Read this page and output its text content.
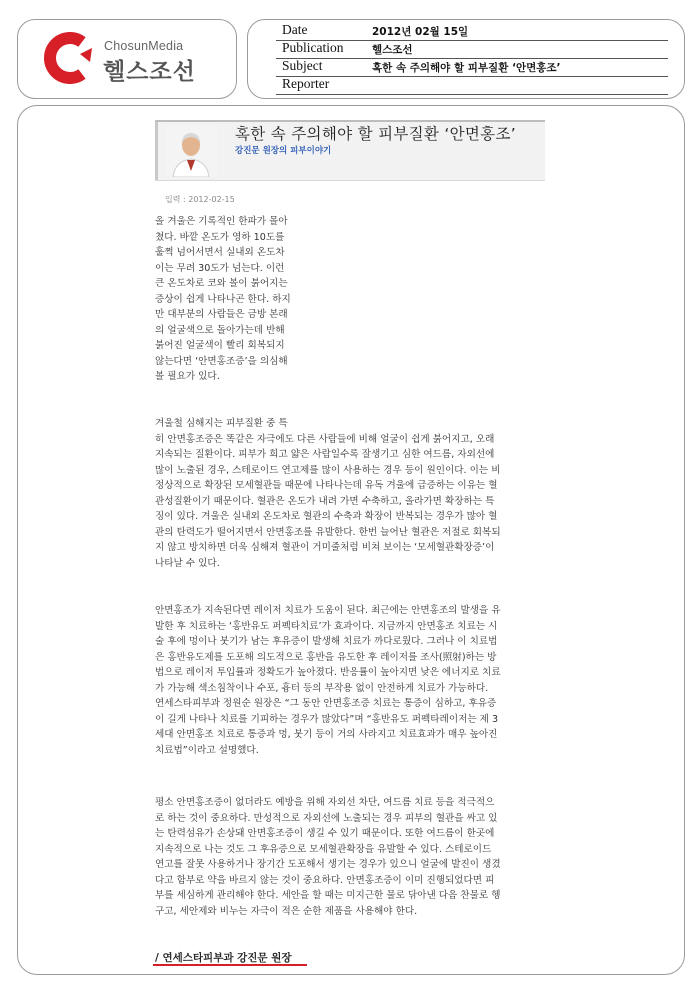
ChosunMedia
헬스조선
Date	2012년 02월 15일
Publication	헬스조선
Subject	혹한 속 주의해야 할 피부질환 ‘안면홍조’
Reporter
혹한 속 주의해야 할 피부질환 ‘안면홍조’
강진문 원장의 피부이야기
입력 : 2012-02-15
올 겨울은 기록적인 한파가 몰아
쳤다. 바깥 온도가 영하 10도를
훌쩍 넘어서면서 실내외 온도차
이는 무려 30도가 넘는다. 이런
큰 온도차로 코와 볼이 붉어지는
증상이 쉽게 나타나곤 한다. 하지
만 대부분의 사람들은 금방 본래
의 얼굴색으로 돌아가는데 반해
붉어진 얼굴색이 빨리 회복되지
않는다면 ‘안면홍조증’을 의심해
볼 필요가 있다.
겨울철 심해지는 피부질환 중 특
히 안면홍조증은 똑같은 자극에도 다른 사람들에 비해 얼굴이 쉽게 붉어지고, 오래
지속되는 질환이다. 피부가 희고 얇은 사람일수록 잘생기고 심한 여드름, 자외선에
많이 노출된 경우, 스테로이드 연고제를 많이 사용하는 경우 등이 원인이다. 이는 비
정상적으로 확장된 모세혈관들 때문에 나타나는데 유독 겨울에 급증하는 이유는 혈
관성질환이기 때문이다. 혈관은 온도가 내려 가면 수축하고, 올라가면 확장하는 특
징이 있다. 겨울은 실내외 온도차로 혈관의 수축과 확장이 반복되는 경우가 많아 혈
관의 탄력도가 떨어지면서 안면홍조를 유발한다. 한번 늘어난 혈관은 저절로 회복되
지 않고 방치하면 더욱 심해져 혈관이 거미줄처럼 비쳐 보이는 ‘모세혈관확장증’이
나타날 수 있다.
안면홍조가 지속된다면 레이저 치료가 도움이 된다. 최근에는 안면홍조의 발생을 유
발한 후 치료하는 ‘홍반유도 퍼펙타치료’가 효과이다. 지금까지 안면홍조 치료는 시
술 후에 멍이나 붓기가 남는 후유증이 발생해 치료가 까다로웠다. 그러나 이 치료법
은 홍반유도제를 도포해 의도적으로 홍반을 유도한 후 레이저를 조사(照射)하는 방
법으로 레이저 투입률과 정확도가 높아졌다. 반응률이 높아지면 낮은 에너지로 치료
가 가능해 색소침착이나 수포, 흉터 등의 부작용 없이 안전하게 치료가 가능하다.
연세스타피부과 정원순 원장은 “그 동안 안면홍조증 치료는 통증이 심하고, 후유증
이 길게 나타나 치료를 기피하는 경우가 많았다”며 “홍반유도 퍼펙타레이저는 제 3
세대 안면홍조 치료로 통증과 멍, 붓기 등이 거의 사라지고 치료효과가 매우 높아진
치료법”이라고 설명했다.
평소 안면홍조증이 없더라도 예방을 위해 자외선 차단, 여드름 치료 등을 적극적으
로 하는 것이 중요하다. 만성적으로 자외선에 노출되는 경우 피부의 혈관을 싸고 있
는 탄력섬유가 손상돼 안면홍조증이 생길 수 있기 때문이다. 또한 여드름이 한곳에
지속적으로 나는 것도 그 후유증으로 모세혈관확장을 유발할 수 있다. 스테로이드
연고를 잘못 사용하거나 장기간 도포해서 생기는 경우가 있으니 얼굴에 발진이 생겼
다고 함부로 약을 바르지 않는 것이 중요하다. 안면홍조증이 이미 진행되었다면 피
부를 세심하게 관리해야 한다. 세안을 할 때는 미지근한 물로 닦아낸 다음 찬물로 헹
구고, 세안제와 비누는 자극이 적은 순한 제품을 사용해야 한다.
/ 연세스타피부과 강진문 원장
